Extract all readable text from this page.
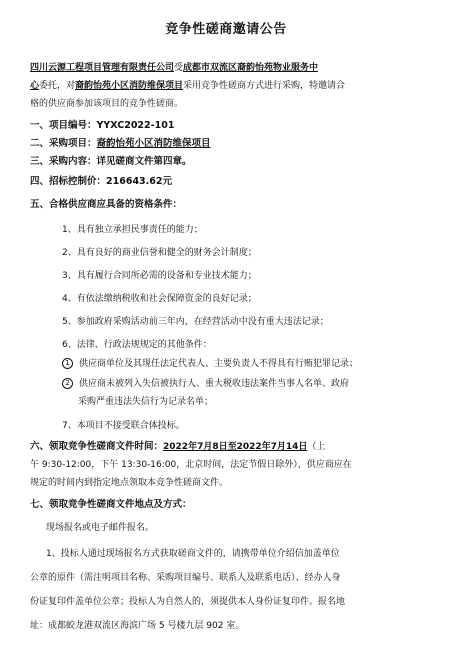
竞争性磋商邀请公告
四川云源工程项目管理有限责任公司受成都市双流区裔韵怡苑物业服务中
心委托，对裔韵怡苑小区消防维保项目采用竞争性磋商方式进行采购，特邀请合
格的供应商参加该项目的竞争性磋商。
一、项目编号：YYXC2022-101
二、采购项目：裔韵怡苑小区消防维保项目
三、采购内容：详见磋商文件第四章。
四、招标控制价：216643.62元
五、合格供应商应具备的资格条件：
1、具有独立承担民事责任的能力；
2、具有良好的商业信誉和健全的财务会计制度；
3、具有履行合同所必需的设备和专业技术能力；
4、有依法缴纳税收和社会保障资金的良好记录；
5、参加政府采购活动前三年内，在经营活动中没有重大违法记录；
6、法律、行政法规规定的其他条件：
1 供应商单位及其现任法定代表人、主要负责人不得具有行贿犯罪记录；
2 供应商未被列入失信被执行人、重大税收违法案件当事人名单、政府
采购严重违法失信行为记录名单；
7、本项目不接受联合体投标。
六、领取竞争性磋商文件时间：2022年7月8日至2022年7月14日（上
午 9:30-12:00，下午 13:30-16:00，北京时间，法定节假日除外），供应商应在
规定的时间内到指定地点领取本竞争性磋商文件。
七、领取竞争性磋商文件地点及方式：
现场报名或电子邮件报名。
1、投标人通过现场报名方式获取磋商文件的，请携带单位介绍信加盖单位
公章的原件（需注明项目名称、采购项目编号、联系人及联系电话）、经办人身
份证复印件盖单位公章；投标人为自然人的，须提供本人身份证复印件。报名地
址：成都蛟龙港双流区海滨广场 5 号楼九层 902 室。
